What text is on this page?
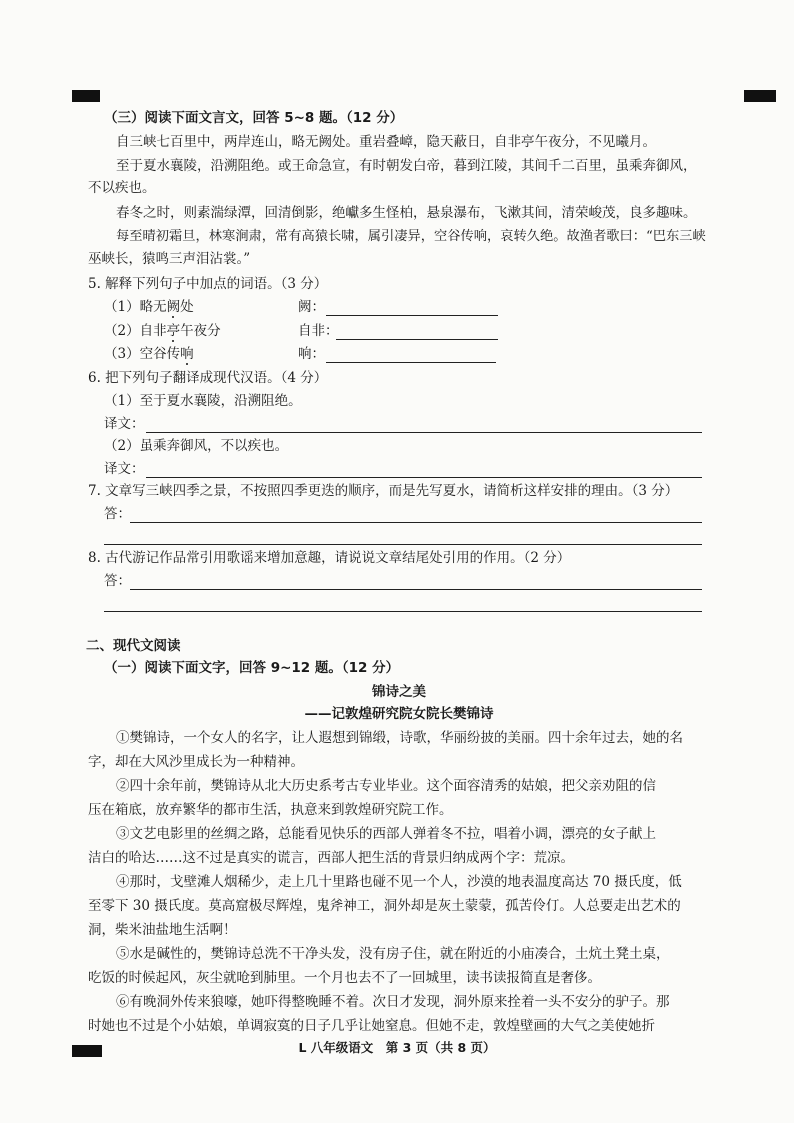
（三）阅读下面文言文，回答 5~8 题。（12 分）
自三峡七百里中，两岸连山，略无阙处。重岩叠嶂，隐天蔽日，自非亭午夜分，不见曦月。
至于夏水襄陵，沿溯阻绝。或王命急宣，有时朝发白帝，暮到江陵，其间千二百里，虽乘奔御风，
不以疾也。
春冬之时，则素湍绿潭，回清倒影，绝巘多生怪柏，悬泉瀑布，飞漱其间，清荣峻茂，良多趣味。
每至晴初霜旦，林寒涧肃，常有高猿长啸，属引凄异，空谷传响，哀转久绝。故渔者歌曰：“巴东三峡
巫峡长，猿鸣三声泪沾裳。”
5. 解释下列句子中加点的词语。（3 分）
（1）略无阙处	阙：
（2）自非亭午夜分	自非：
（3）空谷传响	响：
6. 把下列句子翻译成现代汉语。（4 分）
（1）至于夏水襄陵，沿溯阻绝。
译文：
（2）虽乘奔御风，不以疾也。
译文：
7. 文章写三峡四季之景，不按照四季更迭的顺序，而是先写夏水，请简析这样安排的理由。（3 分）
答：
8. 古代游记作品常引用歌谣来增加意趣，请说说文章结尾处引用的作用。（2 分）
答：
二、现代文阅读
（一）阅读下面文字，回答 9~12 题。（12 分）
锦诗之美
——记敦煌研究院女院长樊锦诗
①樊锦诗，一个女人的名字，让人遐想到锦缎，诗歌，华丽纷披的美丽。四十余年过去，她的名
字，却在大风沙里成长为一种精神。
②四十余年前，樊锦诗从北大历史系考古专业毕业。这个面容清秀的姑娘，把父亲劝阻的信
压在箱底，放弃繁华的都市生活，执意来到敦煌研究院工作。
③文艺电影里的丝绸之路，总能看见快乐的西部人弹着冬不拉，唱着小调，漂亮的女子献上
洁白的哈达……这不过是真实的谎言，西部人把生活的背景归纳成两个字：荒凉。
④那时，戈壁滩人烟稀少，走上几十里路也碰不见一个人，沙漠的地表温度高达 70 摄氏度，低
至零下 30 摄氏度。莫高窟极尽辉煌，鬼斧神工，洞外却是灰土蒙蒙，孤苦伶仃。人总要走出艺术的
洞，柴米油盐地生活啊！
⑤水是碱性的，樊锦诗总洗不干净头发，没有房子住，就在附近的小庙凑合，土炕土凳土桌，
吃饭的时候起风，灰尘就呛到肺里。一个月也去不了一回城里，读书读报简直是奢侈。
⑥有晚洞外传来狼嚎，她吓得整晚睡不着。次日才发现，洞外原来拴着一头不安分的驴子。那
时她也不过是个小姑娘，单调寂寞的日子几乎让她窒息。但她不走，敦煌壁画的大气之美使她折
L 八年级语文　第 3 页（共 8 页）
